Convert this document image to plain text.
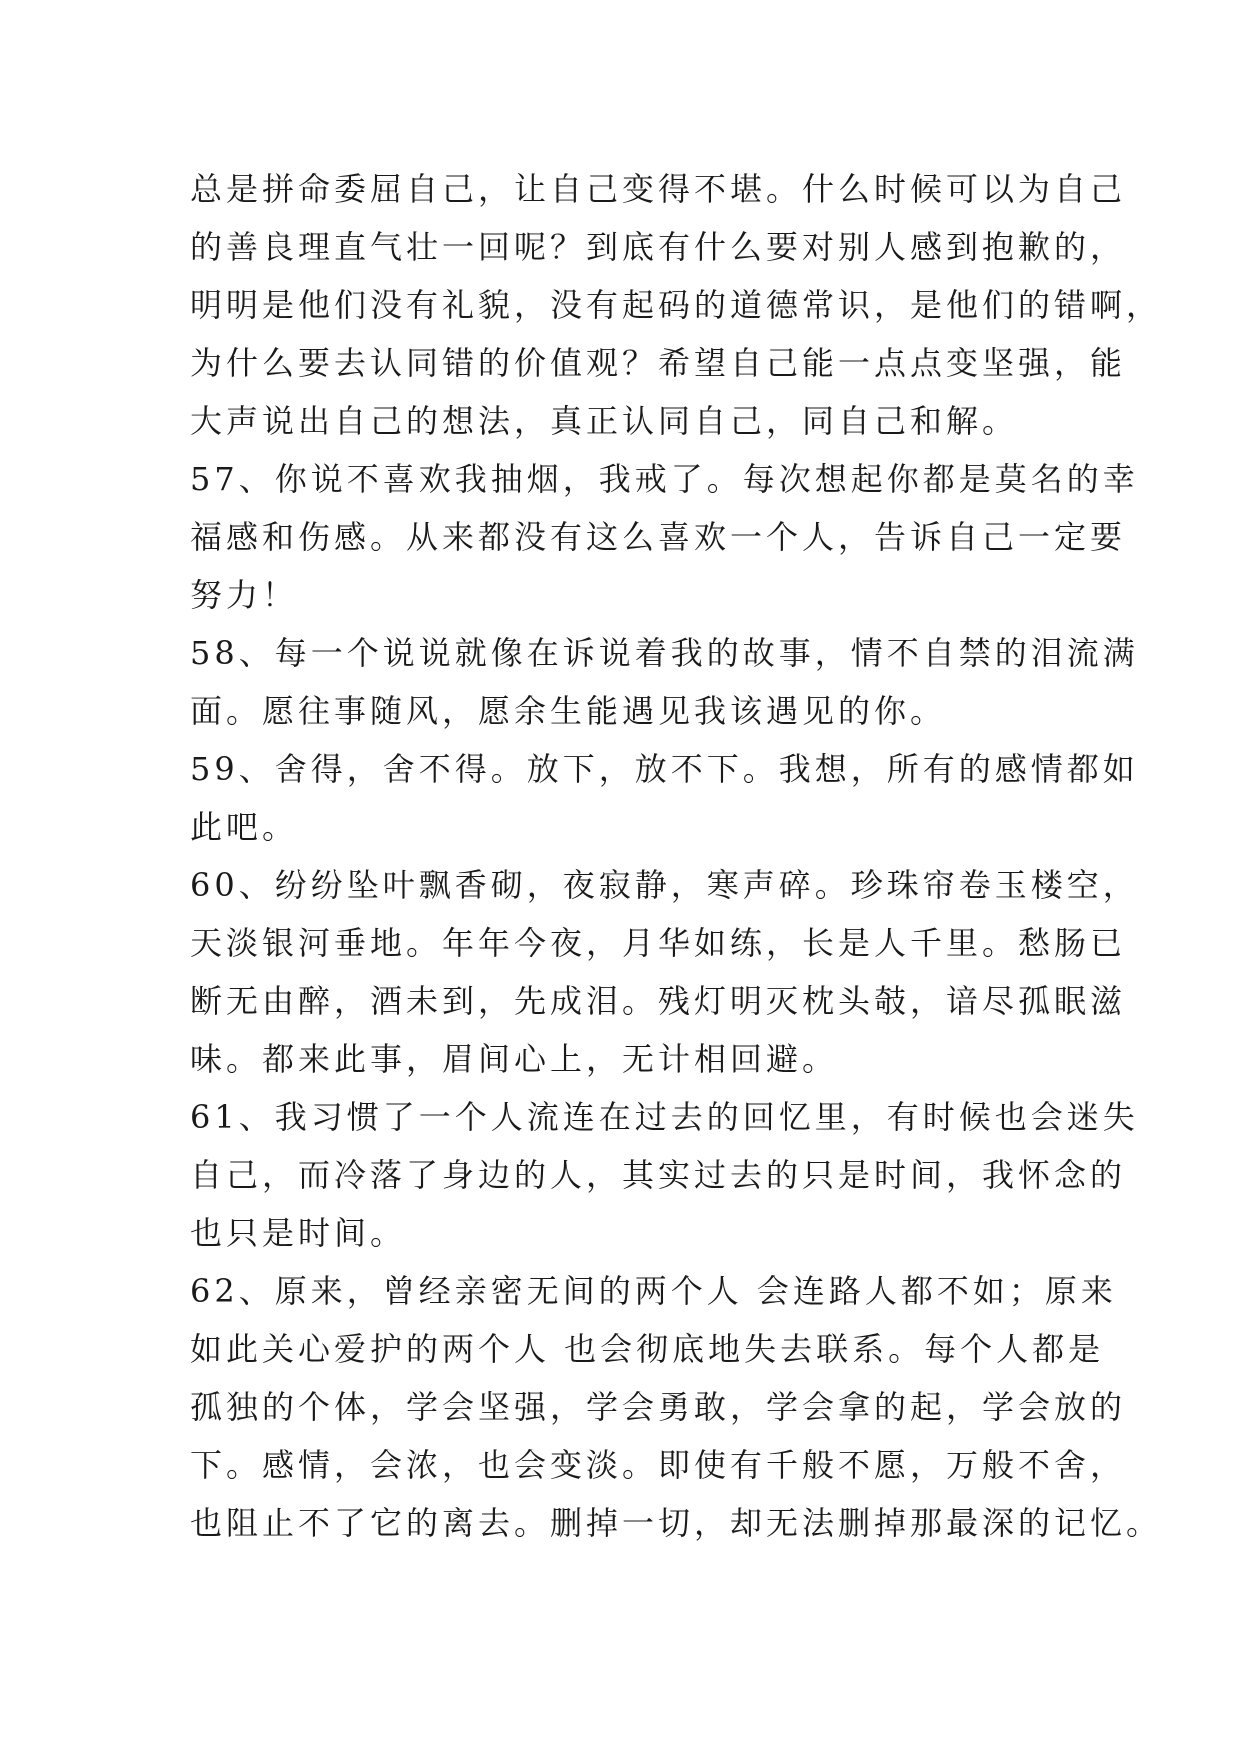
总是拼命委屈自己，让自己变得不堪。什么时候可以为自己
的善良理直气壮一回呢？到底有什么要对别人感到抱歉的，
明明是他们没有礼貌，没有起码的道德常识，是他们的错啊，
为什么要去认同错的价值观？希望自己能一点点变坚强，能
大声说出自己的想法，真正认同自己，同自己和解。
57、你说不喜欢我抽烟，我戒了。每次想起你都是莫名的幸
福感和伤感。从来都没有这么喜欢一个人，告诉自己一定要
努力！
58、每一个说说就像在诉说着我的故事，情不自禁的泪流满
面。愿往事随风，愿余生能遇见我该遇见的你。
59、舍得，舍不得。放下，放不下。我想，所有的感情都如
此吧。
60、纷纷坠叶飘香砌，夜寂静，寒声碎。珍珠帘卷玉楼空，
天淡银河垂地。年年今夜，月华如练，长是人千里。愁肠已
断无由醉，酒未到，先成泪。残灯明灭枕头攲，谙尽孤眠滋
味。都来此事，眉间心上，无计相回避。
61、我习惯了一个人流连在过去的回忆里，有时候也会迷失
自己，而冷落了身边的人，其实过去的只是时间，我怀念的
也只是时间。
62、原来，曾经亲密无间的两个人 会连路人都不如；原来
如此关心爱护的两个人 也会彻底地失去联系。每个人都是
孤独的个体，学会坚强，学会勇敢，学会拿的起，学会放的
下。感情，会浓，也会变淡。即使有千般不愿，万般不舍，
也阻止不了它的离去。删掉一切，却无法删掉那最深的记忆。
